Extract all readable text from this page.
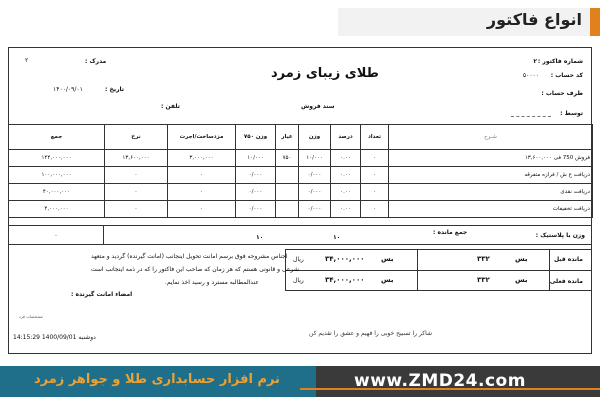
انواع فاکتور
شماره فاکتور :
۲
کد حساب :
۵۰۰۰۰
طرف حساب :
توسط :
طلای زیبای زمرد
سند فروش
مدرک :
۲
تاریخ :
۱۴۰۰/۰۹/۰۱
تلفن :
جمع	نرخ	مزدساخت/اجرت	وزن ۷۵۰	عیار	وزن	درصد	تعداد	شـرح
۱۴۴,۰۰۰,۰۰۰	۱۳,۶۰۰,۰۰۰	۳,۰۰۰,۰۰۰	۱۰/۰۰۰	۷۵۰	۱۰/۰۰۰	۰.۰۰	۰	فروش 750 فی ۱۳,۶۰۰,۰۰۰
۱۰۰,۰۰۰,۰۰۰	۰	۰	۰/۰۰۰		۰/۰۰۰	۰.۰۰	۰	دریافت ع ش / فرازه متفرقه
۴۰,۰۰۰,۰۰۰	۰	۰	۰/۰۰۰		۰/۰۰۰	۰.۰۰	۰	دریافت نقدی
۴,۰۰۰,۰۰۰	۰	۰	۰/۰۰۰		۰/۰۰۰	۰.۰۰	۰	دریافت تخفیفات
۰	وزن با پلاستیک :
جمع مانده :
۱۰
۱۰
مانده قبل
بس
۳۳۲
بس
۳۴,۰۰۰,۰۰۰
ریال
مانده فعلی
بس
۳۳۲
بس
۳۴,۰۰۰,۰۰۰
ریال
اجناس مشروحه فوق برسم امانت تحویل اینجانب (امانت گیرنده) گردید و متعهد
شرعی و قانونی هستم که هر زمان که صاحب این فاکتور را که در ذمه اینجانب است
عندالمطالبه مسترد و رسید اخذ نمایم.
امضاء امانت گیرنده :
مشخصات فرد
شاکر را تسبیح خوبی را فهیم و عشق را تقدیم کن
14:15:29 1400/09/01 دوشنبه
www.ZMD24.com
نرم افزار حسابداری طلا و جواهر زمرد
